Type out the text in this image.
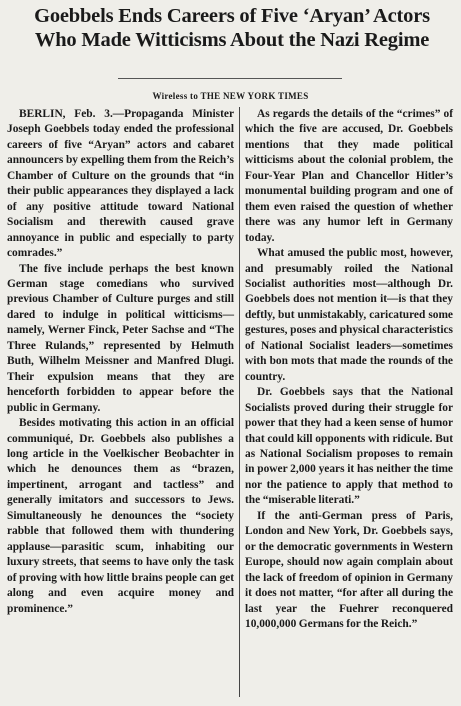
Goebbels Ends Careers of Five ‘Aryan’ Actors
Who Made Witticisms About the Nazi Regime
Wireless to THE NEW YORK TIMES

BERLIN, Feb. 3.—Propaganda Minister Joseph Goebbels today ended the professional careers of five “Aryan” actors and cabaret announcers by expelling them from the Reich’s Chamber of Culture on the grounds that “in their public appearances they displayed a lack of any positive attitude toward National Socialism and therewith caused grave annoyance in public and especially to party comrades.”

The five include perhaps the best known German stage comedians who survived previous Chamber of Culture purges and still dared to indulge in political witticisms—namely, Werner Finck, Peter Sachse and “The Three Rulands,” represented by Helmuth Buth, Wilhelm Meissner and Manfred Dlugi. Their expulsion means that they are henceforth forbidden to appear before the public in Germany.

Besides motivating this action in an official communiqué, Dr. Goebbels also publishes a long article in the Voelkischer Beobachter in which he denounces them as “brazen, impertinent, arrogant and tactless” and generally imitators and successors to Jews. Simultaneously he denounces the “society rabble that followed them with thundering applause—parasitic scum, inhabiting our luxury streets, that seems to have only the task of proving with how little brains people can get along and even acquire money and prominence.”

As regards the details of the “crimes” of which the five are accused, Dr. Goebbels mentions that they made political witticisms about the colonial problem, the Four-Year Plan and Chancellor Hitler’s monumental building program and one of them even raised the question of whether there was any humor left in Germany today.

What amused the public most, however, and presumably roiled the National Socialist authorities most—although Dr. Goebbels does not mention it—is that they deftly, but unmistakably, caricatured some gestures, poses and physical characteristics of National Socialist leaders—sometimes with bon mots that made the rounds of the country.

Dr. Goebbels says that the National Socialists proved during their struggle for power that they had a keen sense of humor that could kill opponents with ridicule. But as National Socialism proposes to remain in power 2,000 years it has neither the time nor the patience to apply that method to the “miserable literati.”

If the anti-German press of Paris, London and New York, Dr. Goebbels says, or the democratic governments in Western Europe, should now again complain about the lack of freedom of opinion in Germany it does not matter, “for after all during the last year the Fuehrer reconquered 10,000,000 Germans for the Reich.”
